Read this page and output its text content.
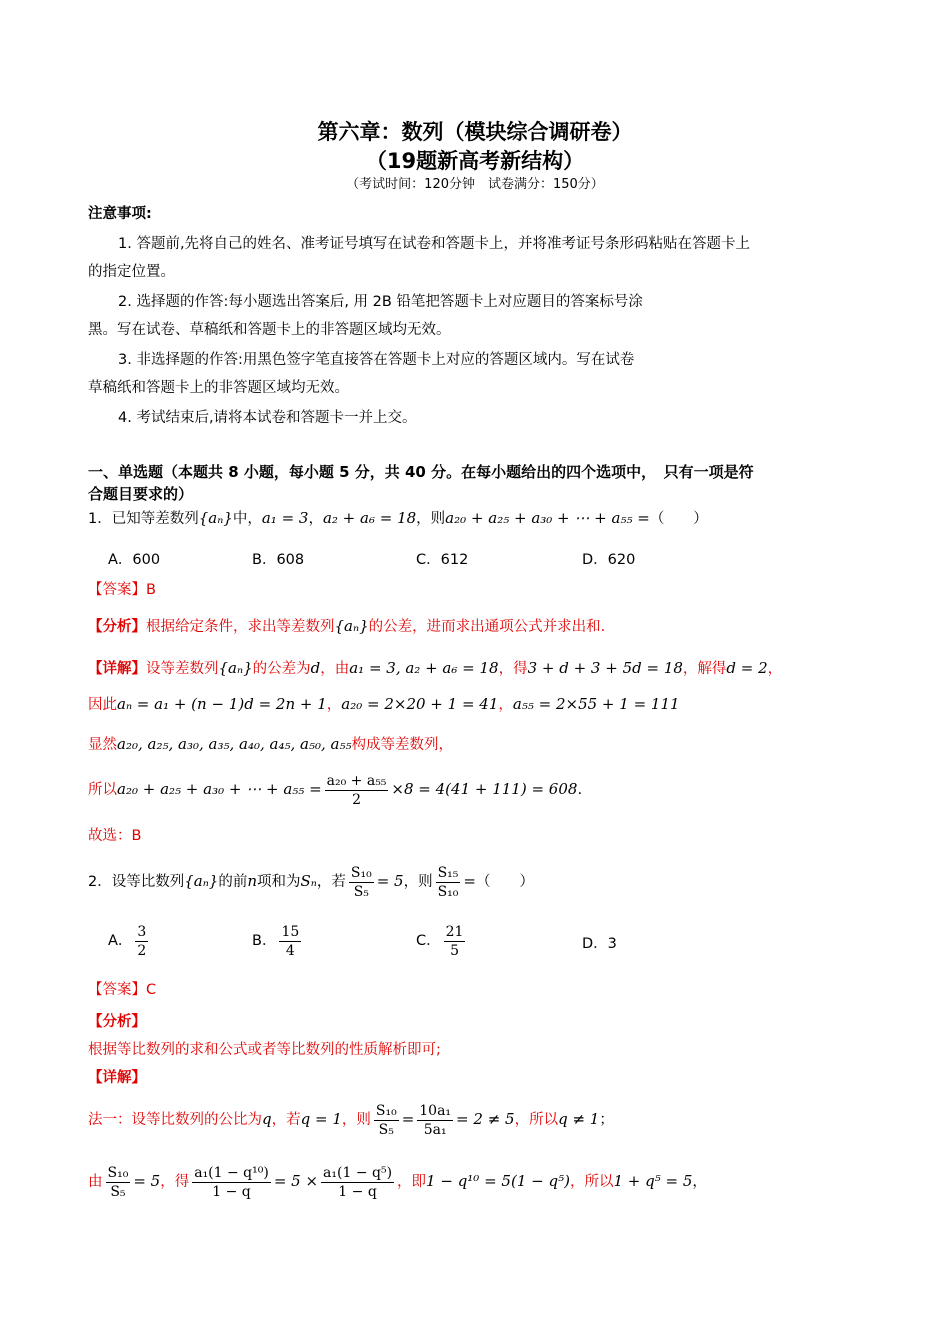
第六章：数列（模块综合调研卷）
（19题新高考新结构）
（考试时间：120分钟　试卷满分：150分）
注意事项:
1. 答题前,先将自己的姓名、准考证号填写在试卷和答题卡上，并将准考证号条形码粘贴在答题卡上
的指定位置。
2. 选择题的作答:每小题选出答案后, 用 2B 铅笔把答题卡上对应题目的答案标号涂
黑。写在试卷、草稿纸和答题卡上的非答题区域均无效。
3. 非选择题的作答:用黑色签字笔直接答在答题卡上对应的答题区域内。写在试卷
草稿纸和答题卡上的非答题区域均无效。
4. 考试结束后,请将本试卷和答题卡一并上交。
一、单选题（本题共 8 小题，每小题 5 分，共 40 分。在每小题给出的四个选项中，　只有一项是符
合题目要求的）
1．已知等差数列{aₙ}中，a₁ = 3，a₂ + a₆ = 18，则a₂₀ + a₂₅ + a₃₀ + ⋯ + a₅₅ =（　　）
A．600	B．608	C．612	D．620
【答案】B
【分析】根据给定条件，求出等差数列{aₙ}的公差，进而求出通项公式并求出和.
【详解】设等差数列{aₙ}的公差为d，由a₁ = 3, a₂ + a₆ = 18，得3 + d + 3 + 5d = 18，解得d = 2，
因此aₙ = a₁ + (n − 1)d = 2n + 1，a₂₀ = 2×20 + 1 = 41，a₅₅ = 2×55 + 1 = 111
显然a₂₀, a₂₅, a₃₀, a₃₅, a₄₀, a₄₅, a₅₀, a₅₅构成等差数列，
所以a₂₀ + a₂₅ + a₃₀ + ⋯ + $a_{55} = \frac{\text{a₂₀ + a₅₅}}{2} \times 8 = 4(41 + 111) = 608$.
故选：B
2．设等比数列{aₙ}的前n项和为Sₙ，若 $\frac{\text{S₁₀}}{\text{S₅}} = 5$，则 $\frac{\text{S₁₅}}{\text{S₁₀}}$ =（　　）
A． $\frac{3}{2}$	B． $\frac{15}{4}$	C． $\frac{21}{5}$	D．3
【答案】C
【分析】
根据等比数列的求和公式或者等比数列的性质解析即可;
【详解】
法一：设等比数列的公比为q，若q = 1，则 $\frac{\text{S₁₀}}{\text{S₅}} = \frac{\text{10a₁}}{\text{5a₁}} = 2 \ne 5$，所以q ≠ 1；
由 $\frac{\text{S₁₀}}{\text{S₅}} = 5$，得 $\frac{\text{a₁(1 − q¹⁰)}}{1 - q} = 5 \times \frac{\text{a₁(1 − q⁵)}}{1 - q}$ ，即1 − q¹⁰ = 5(1 − q⁵)，所以1 + q⁵ = 5，
